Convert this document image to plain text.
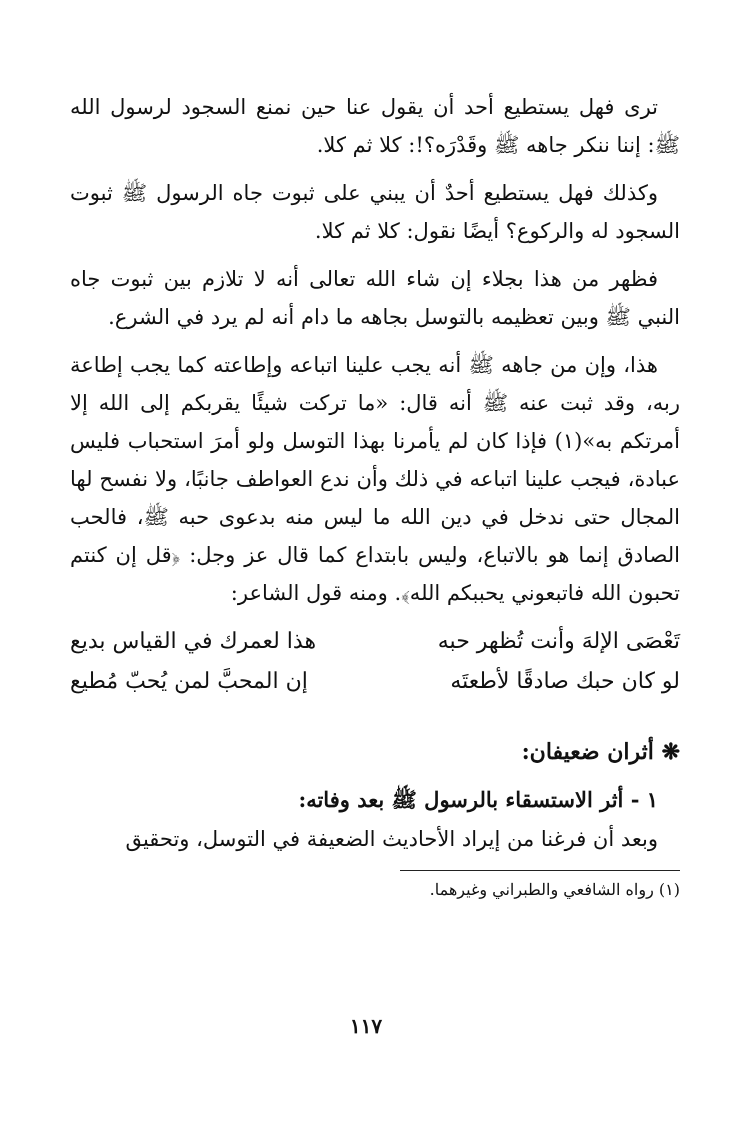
ترى فهل يستطيع أحد أن يقول عنا حين نمنع السجود لرسول الله ﷺ: إننا ننكر جاهه ﷺ وقَدْرَه؟!: كلا ثم كلا.

وكذلك فهل يستطيع أحدٌ أن يبني على ثبوت جاه الرسول ﷺ ثبوت السجود له والركوع؟ أيضًا نقول: كلا ثم كلا.

فظهر من هذا بجلاء إن شاء الله تعالى أنه لا تلازم بين ثبوت جاه النبي ﷺ وبين تعظيمه بالتوسل بجاهه ما دام أنه لم يرد في الشرع.

هذا، وإن من جاهه ﷺ أنه يجب علينا اتباعه وإطاعته كما يجب إطاعة ربه، وقد ثبت عنه ﷺ أنه قال: «ما تركت شيئًا يقربكم إلى الله إلا أمرتكم به»(١) فإذا كان لم يأمرنا بهذا التوسل ولو أمرَ استحباب فليس عبادة، فيجب علينا اتباعه في ذلك وأن ندع العواطف جانبًا، ولا نفسح لها المجال حتى ندخل في دين الله ما ليس منه بدعوى حبه ﷺ، فالحب الصادق إنما هو بالاتباع، وليس بابتداع كما قال عز وجل: ﴿قل إن كنتم تحبون الله فاتبعوني يحببكم الله﴾. ومنه قول الشاعر:

تَعْصَى الإلهَ وأنت تُظهر حبه
هذا لعمرك في القياس بديع
لو كان حبك صادقًا لأطعتَه
إن المحبَّ لمن يُحبّ مُطيع

❋ أثران ضعيفان:

١ - أثر الاستسقاء بالرسول ﷺ بعد وفاته:

وبعد أن فرغنا من إيراد الأحاديث الضعيفة في التوسل، وتحقيق

(١) رواه الشافعي والطبراني وغيرهما.

١١٧
